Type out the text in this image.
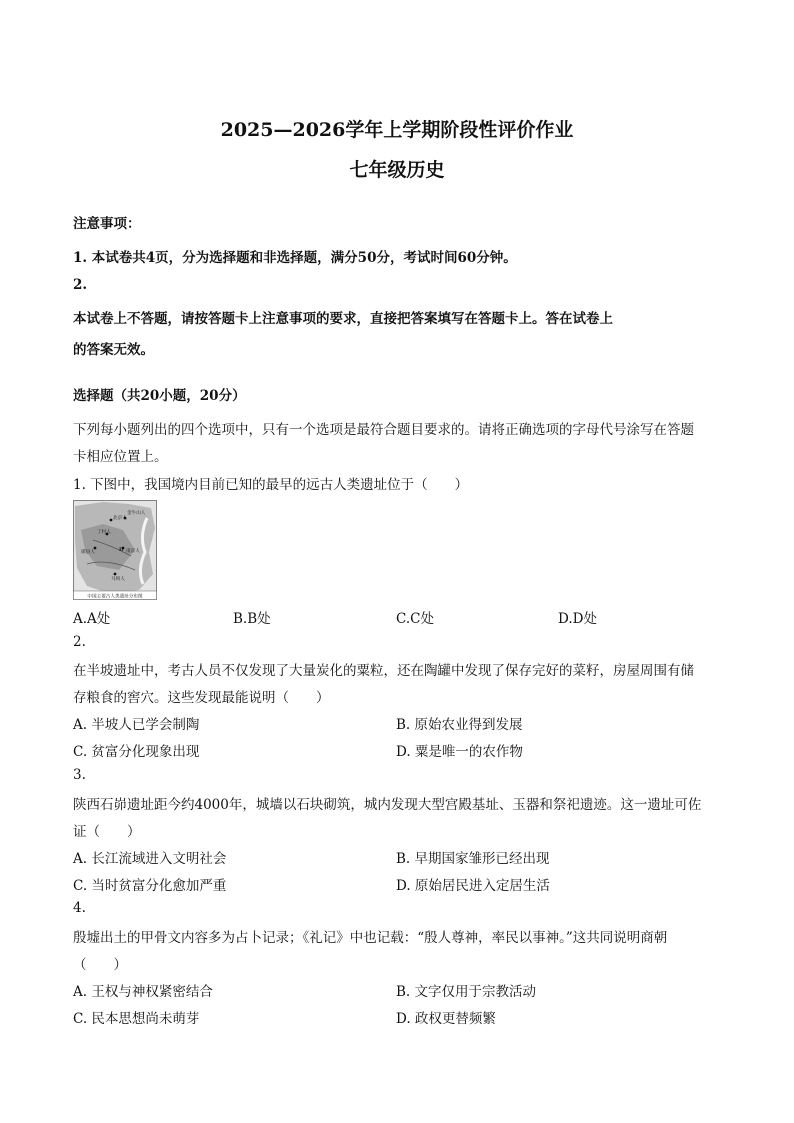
2025—2026学年上学期阶段性评价作业
七年级历史
注意事项：
1. 本试卷共4页，分为选择题和非选择题，满分50分，考试时间60分钟。
2.
本试卷上不答题，请按答题卡上注意事项的要求，直接把答案填写在答题卡上。答在试卷上
的答案无效。
选择题（共20小题，20分）
下列每小题列出的四个选项中，只有一个选项是最符合题目要求的。请将正确选项的字母代号涂写在答题
卡相应位置上。
1. 下图中，我国境内目前已知的最早的远古人类遗址位于（　　）
北京人
金牛山人
丁村人
郧县人	D 南京人
马坝人
中国主要古人类遗址分布图
A.A处	B.B处	C.C处	D.D处
2.
在半坡遗址中，考古人员不仅发现了大量炭化的粟粒，还在陶罐中发现了保存完好的菜籽，房屋周围有储
存粮食的窖穴。这些发现最能说明（　　）
A. 半坡人已学会制陶	B. 原始农业得到发展
C. 贫富分化现象出现	D. 粟是唯一的农作物
3.
陕西石峁遗址距今约4000年，城墙以石块砌筑，城内发现大型宫殿基址、玉器和祭祀遗迹。这一遗址可佐
证（　　）
A. 长江流域进入文明社会	B. 早期国家雏形已经出现
C. 当时贫富分化愈加严重	D. 原始居民进入定居生活
4.
殷墟出土的甲骨文内容多为占卜记录；《礼记》中也记载：“殷人尊神，率民以事神。”这共同说明商朝
（　　）
A. 王权与神权紧密结合	B. 文字仅用于宗教活动
C. 民本思想尚未萌芽	D. 政权更替频繁
